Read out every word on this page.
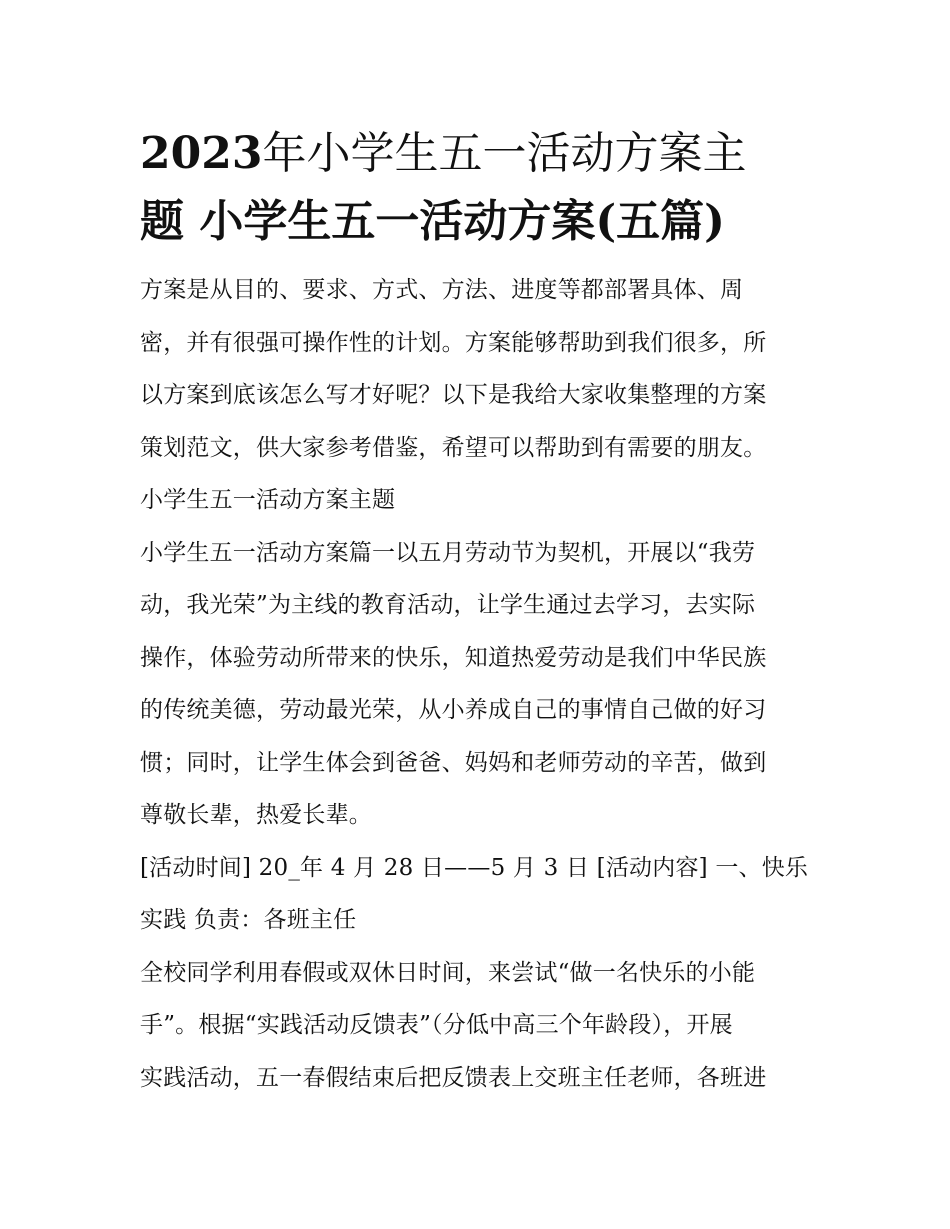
2023年小学生五一活动方案主
题 小学生五一活动方案(五篇)
方案是从目的、要求、方式、方法、进度等都部署具体、周
密，并有很强可操作性的计划。方案能够帮助到我们很多，所
以方案到底该怎么写才好呢？以下是我给大家收集整理的方案
策划范文，供大家参考借鉴，希望可以帮助到有需要的朋友。
小学生五一活动方案主题
小学生五一活动方案篇一以五月劳动节为契机，开展以“我劳
动，我光荣”为主线的教育活动，让学生通过去学习，去实际
操作，体验劳动所带来的快乐，知道热爱劳动是我们中华民族
的传统美德，劳动最光荣，从小养成自己的事情自己做的好习
惯；同时，让学生体会到爸爸、妈妈和老师劳动的辛苦，做到
尊敬长辈，热爱长辈。
[活动时间] 20_年 4 月 28 日——5 月 3 日 [活动内容] 一、快乐
实践 负责：各班主任
全校同学利用春假或双休日时间，来尝试“做一名快乐的小能
手”。根据“实践活动反馈表”（分低中高三个年龄段），开展
实践活动，五一春假结束后把反馈表上交班主任老师，各班进
